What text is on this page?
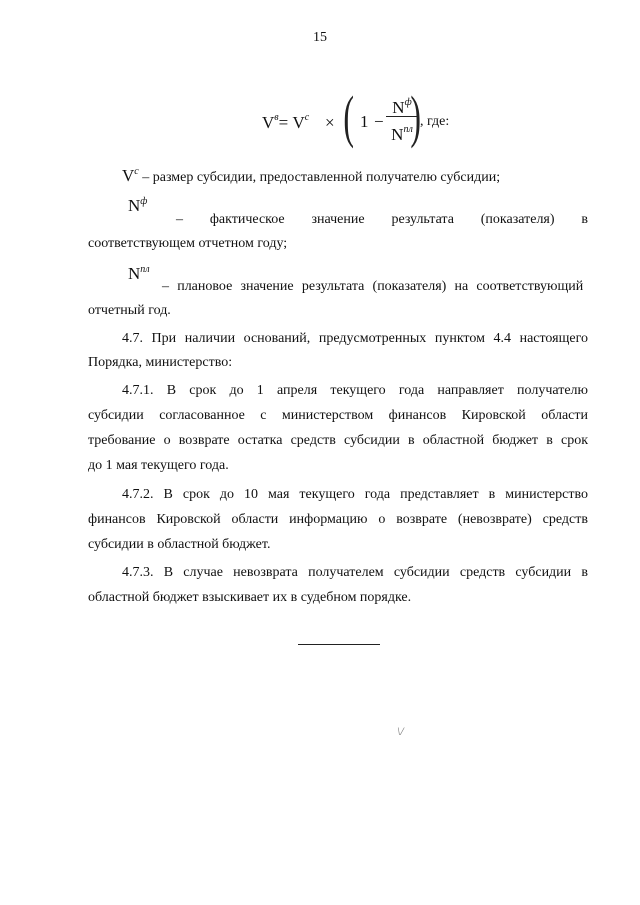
15
$V^в= V^c$ × ( 1 −
$N^ф$
$N^{пл}$
) , где:
$V^c$ – размер субсидии, предоставленной получателю субсидии;
$N^ф$
– фактическое значение результата (показателя) в
соответствующем отчетном году;
$N^{пл}$
– плановое значение результата (показателя) на соответствующий
отчетный год.
4.7. При наличии оснований, предусмотренных пунктом 4.4 настоящего
Порядка, министерство:
4.7.1. В срок до 1 апреля текущего года направляет получателю
субсидии согласованное с министерством финансов Кировской области
требование о возврате остатка средств субсидии в областной бюджет в срок
до 1 мая текущего года.
4.7.2. В срок до 10 мая текущего года представляет в министерство
финансов Кировской области информацию о возврате (невозврате) средств
субсидии в областной бюджет.
4.7.3. В случае невозврата получателем субсидии средств субсидии в
областной бюджет взыскивает их в судебном порядке.
\/
